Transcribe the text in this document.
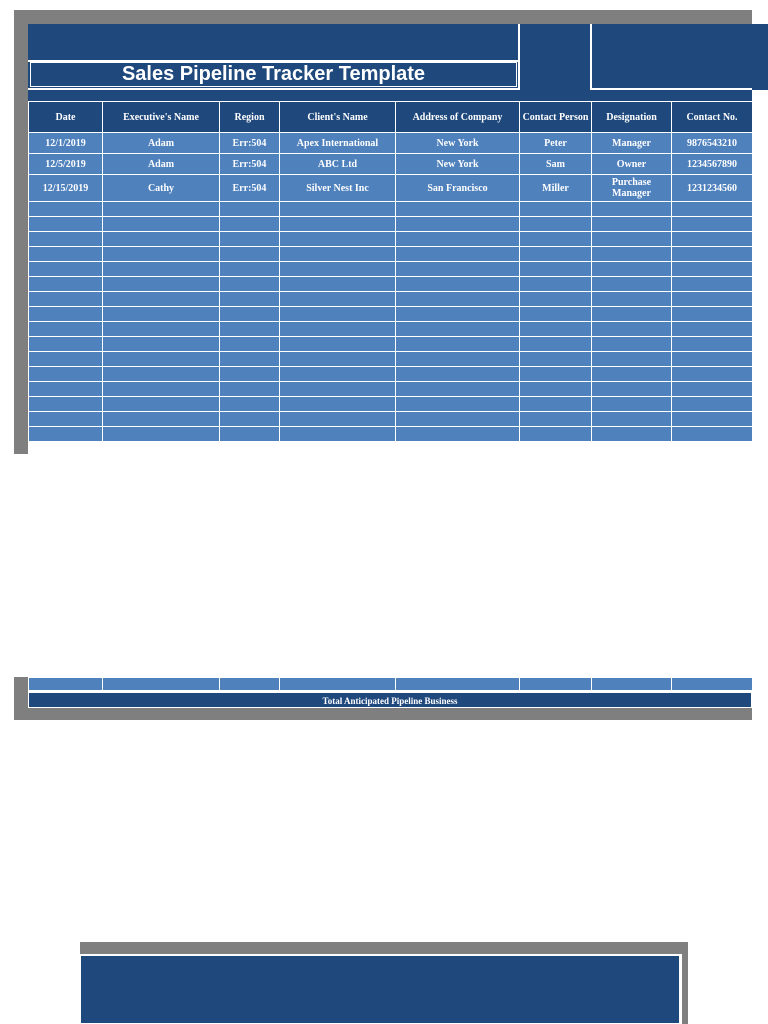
Sales Pipeline Tracker Template
Date	Executive's Name	Region	Client's Name	Address of Company	Contact Person	Designation	Contact No.
12/1/2019	Adam	Err:504	Apex International	New York	Peter	Manager	9876543210
12/5/2019	Adam	Err:504	ABC Ltd	New York	Sam	Owner	1234567890
12/15/2019	Cathy	Err:504	Silver Nest Inc	San Francisco	Miller	Purchase Manager	1231234560

Total Anticipated Pipeline Business
